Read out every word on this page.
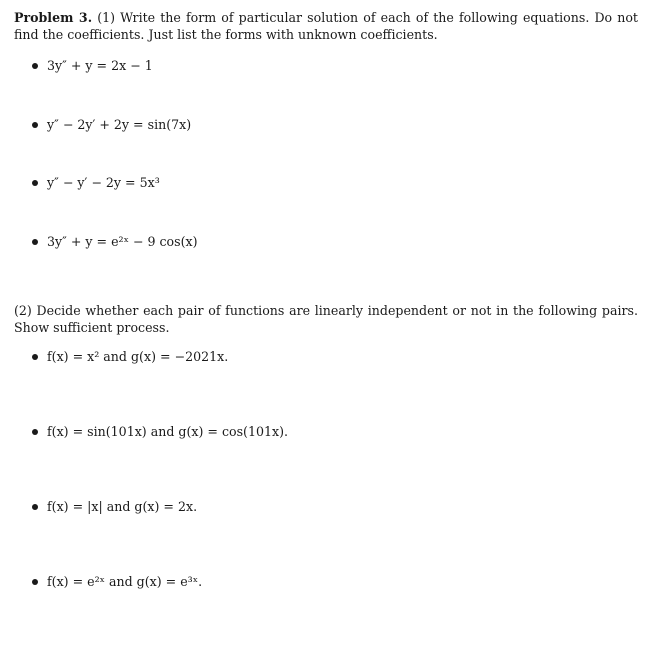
Problem 3. (1) Write the form of particular solution of each of the following equations. Do not find the coefficients. Just list the forms with unknown coefficients.
3y″ + y = 2x − 1
y″ − 2y′ + 2y = sin(7x)
y″ − y′ − 2y = 5x³
3y″ + y = e²ˣ − 9 cos(x)
(2) Decide whether each pair of functions are linearly independent or not in the following pairs. Show sufficient process.
f(x) = x² and g(x) = −2021x.
f(x) = sin(101x) and g(x) = cos(101x).
f(x) = |x| and g(x) = 2x.
f(x) = e²ˣ and g(x) = e³ˣ.
